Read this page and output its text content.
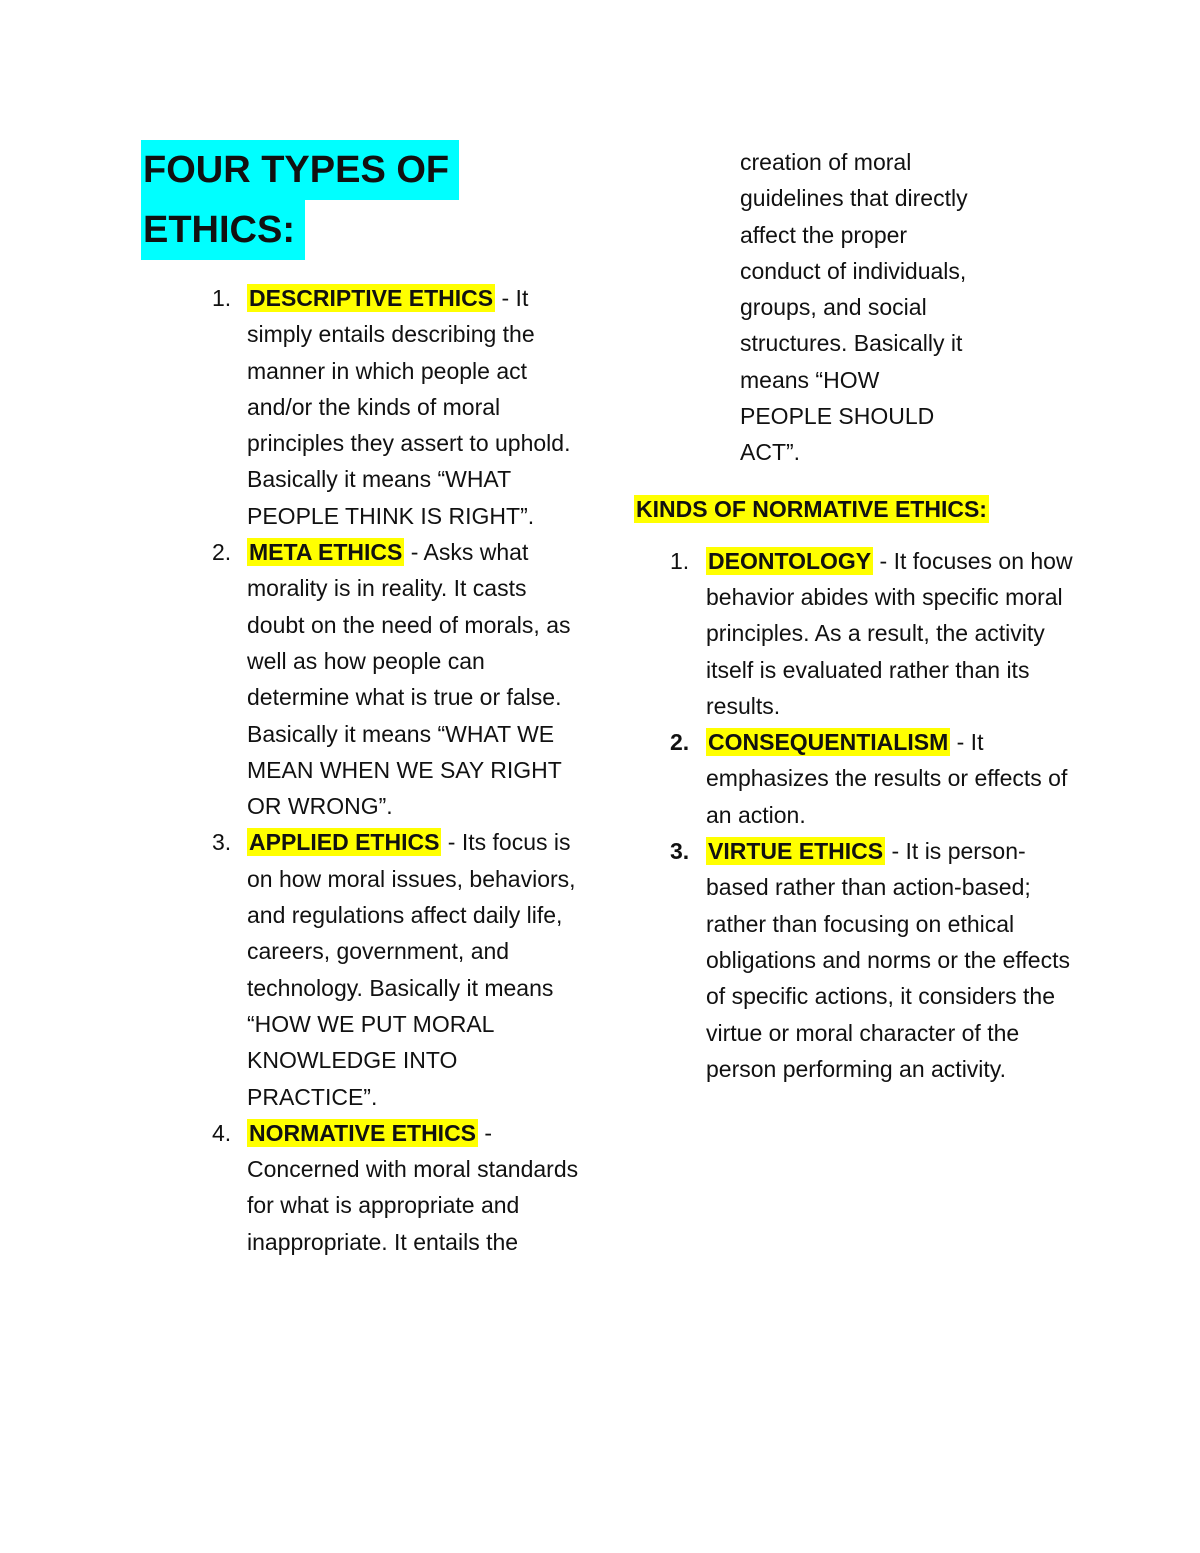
FOUR TYPES OF
ETHICS:
1. DESCRIPTIVE ETHICS - It simply entails describing the manner in which people act and/or the kinds of moral principles they assert to uphold. Basically it means “WHAT PEOPLE THINK IS RIGHT”.
2. META ETHICS - Asks what morality is in reality. It casts doubt on the need of morals, as well as how people can determine what is true or false. Basically it means “WHAT WE MEAN WHEN WE SAY RIGHT OR WRONG”.
3. APPLIED ETHICS - Its focus is on how moral issues, behaviors, and regulations affect daily life, careers, government, and technology. Basically it means “HOW WE PUT MORAL KNOWLEDGE INTO PRACTICE”.
4. NORMATIVE ETHICS - Concerned with moral standards for what is appropriate and inappropriate. It entails the

creation of moral guidelines that directly affect the proper conduct of individuals, groups, and social structures. Basically it means “HOW PEOPLE SHOULD ACT”.

KINDS OF NORMATIVE ETHICS:
1. DEONTOLOGY - It focuses on how behavior abides with specific moral principles. As a result, the activity itself is evaluated rather than its results.
2. CONSEQUENTIALISM - It emphasizes the results or effects of an action.
3. VIRTUE ETHICS - It is person-based rather than action-based; rather than focusing on ethical obligations and norms or the effects of specific actions, it considers the virtue or moral character of the person performing an activity.
